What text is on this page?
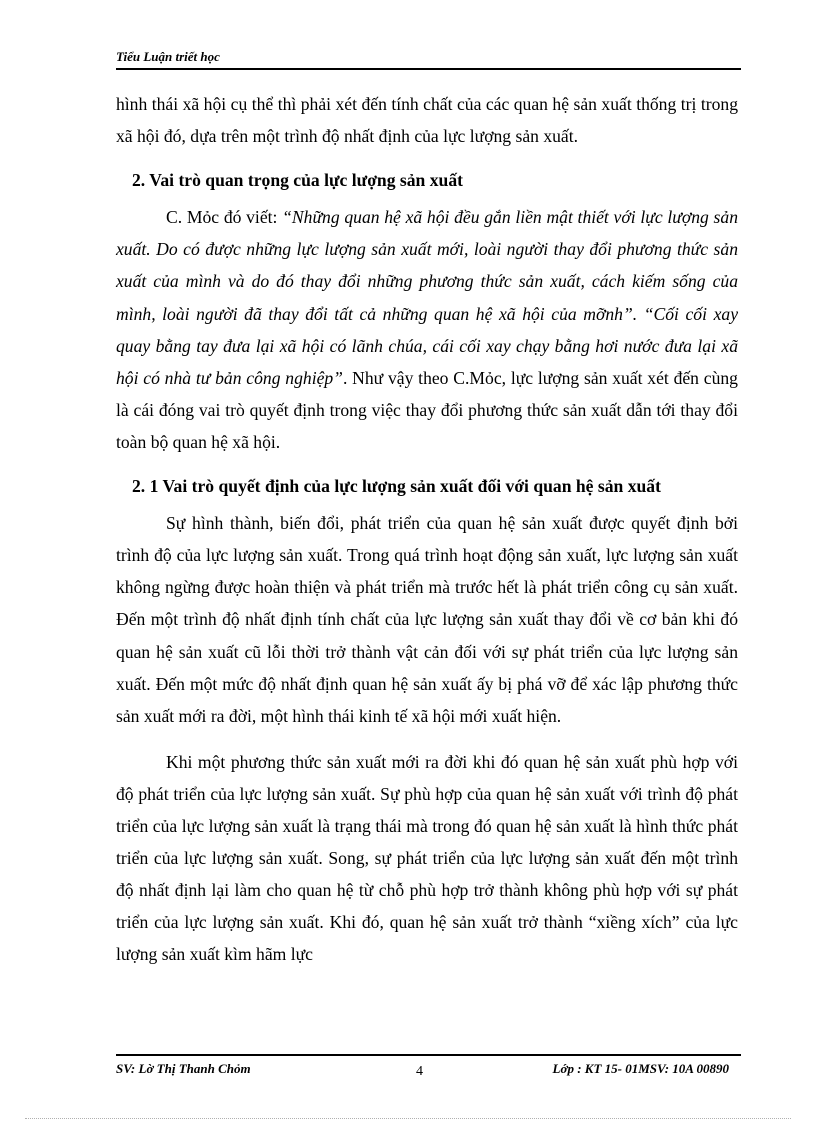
Tiểu Luận triết học

hình thái xã hội cụ thể thì phải xét đến tính chất của các quan hệ sản xuất thống trị trong xã hội đó, dựa trên một trình độ nhất định của lực lượng sản xuất.

2. Vai trò quan trọng của lực lượng sản xuất

C. Mỏc đó viết: “Những quan hệ xã hội đều gắn liền mật thiết với lực lượng sản xuất. Do có được những lực lượng sản xuất mới, loài người thay đổi phương thức sản xuất của mình và do đó thay đổi những phương thức sản xuất, cách kiếm sống của mình, loài người đã thay đổi tất cả những quan hệ xã hội của mỡnh”. “Cối cối xay quay bằng tay đưa lại xã hội có lãnh chúa, cái cối xay chạy bằng hơi nước đưa lại xã hội có nhà tư bản công nghiệp”. Như vậy theo C.Mỏc, lực lượng sản xuất xét đến cùng là cái đóng vai trò quyết định trong việc thay đổi phương thức sản xuất dẫn tới thay đổi toàn bộ quan hệ xã hội.

2. 1 Vai trò quyết định của lực lượng sản xuất đối với quan hệ sản xuất

Sự hình thành, biến đổi, phát triển của quan hệ sản xuất được quyết định bởi trình độ của lực lượng sản xuất. Trong quá trình hoạt động sản xuất, lực lượng sản xuất không ngừng được hoàn thiện và phát triển mà trước hết là phát triển công cụ sản xuất. Đến một trình độ nhất định tính chất của lực lượng sản xuất thay đổi về cơ bản khi đó quan hệ sản xuất cũ lỗi thời trở thành vật cản đối với sự phát triển của lực lượng sản xuất. Đến một mức độ nhất định quan hệ sản xuất ấy bị phá vỡ để xác lập phương thức sản xuất mới ra đời, một hình thái kinh tế xã hội mới xuất hiện.

Khi một phương thức sản xuất mới ra đời khi đó quan hệ sản xuất phù hợp với độ phát triển của lực lượng sản xuất. Sự phù hợp của quan hệ sản xuất với trình độ phát triển của lực lượng sản xuất là trạng thái mà trong đó quan hệ sản xuất là hình thức phát triển của lực lượng sản xuất. Song, sự phát triển của lực lượng sản xuất đến một trình độ nhất định lại làm cho quan hệ từ chỗ phù hợp trở thành không phù hợp với sự phát triển của lực lượng sản xuất. Khi đó, quan hệ sản xuất trở thành “xiềng xích” của lực lượng sản xuất kìm hãm lực

SV: Lờ Thị Thanh Chỏm	4	Lớp : KT 15- 01MSV: 10A 00890
